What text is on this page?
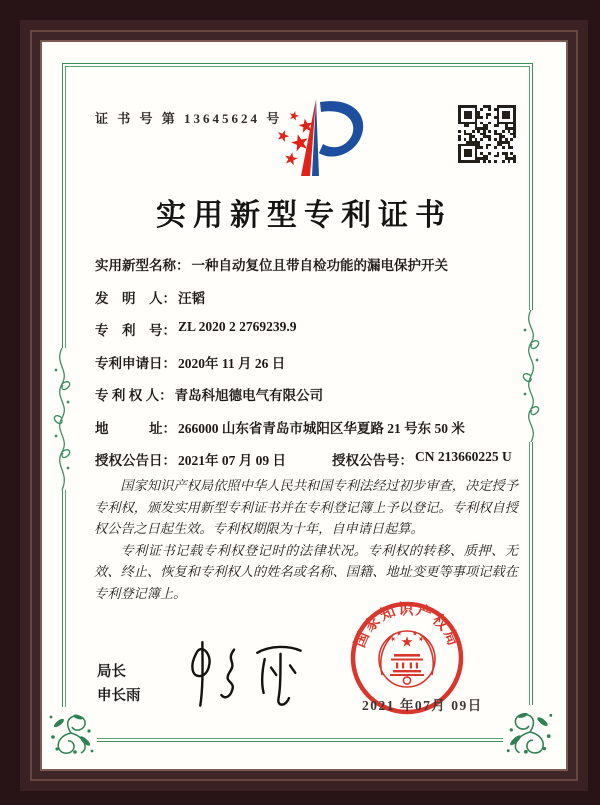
证 书 号 第 13645624 号
实用新型专利证书
实用新型名称： 一种自动复位且带自检功能的漏电保护开关
发　明　人： 汪韬
专　利　号： ZL 2020 2 2769239.9
专利申请日： 2020年 11 月 26 日
专 利 权 人： 青岛科旭德电气有限公司
地　　　址： 266000 山东省青岛市城阳区华夏路 21 号东 50 米
授权公告日： 2021年 07 月 09 日	授权公告号： CN 213660225 U

国家知识产权局依照中华人民共和国专利法经过初步审查，决定授予专利权，颁发实用新型专利证书并在专利登记簿上予以登记。专利权自授权公告之日起生效。专利权期限为十年，自申请日起算。

专利证书记载专利权登记时的法律状况。专利权的转移、质押、无效、终止、恢复和专利权人的姓名或名称、国籍、地址变更等事项记载在专利登记簿上。

局长
申长雨
国家知识产权局
2021 年07月 09日
